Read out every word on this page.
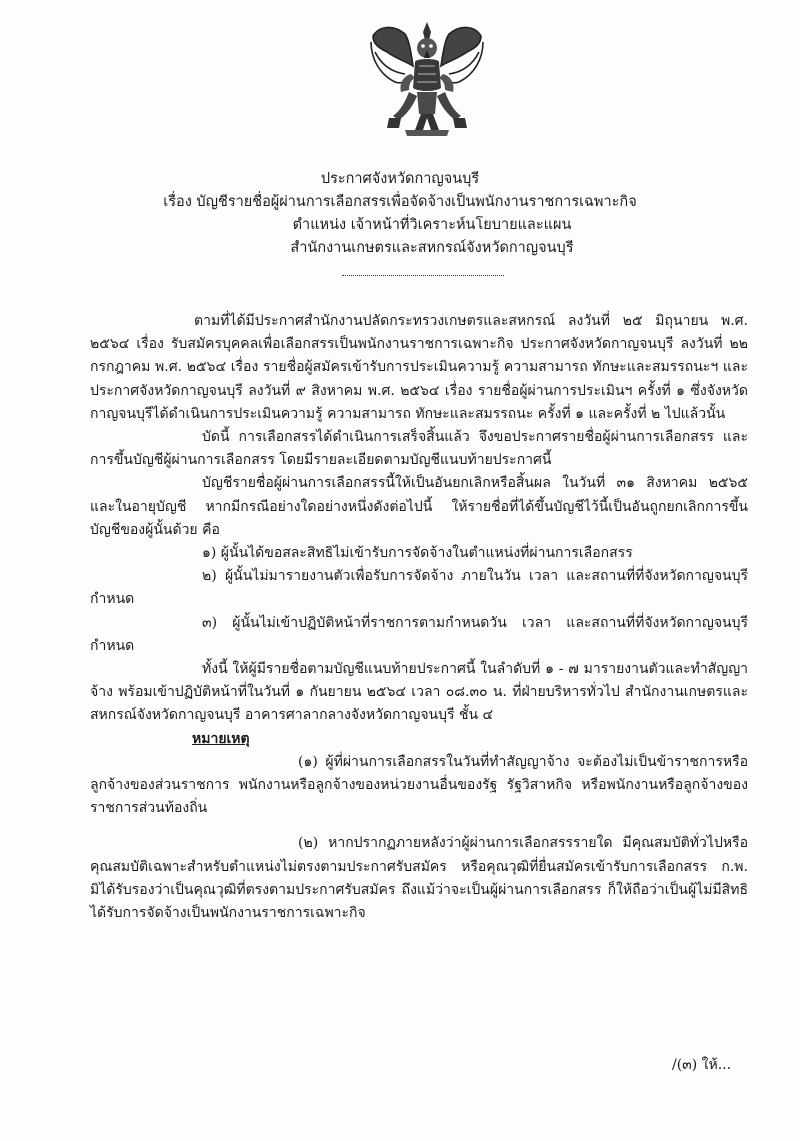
ประกาศจังหวัดกาญจนบุรี
เรื่อง บัญชีรายชื่อผู้ผ่านการเลือกสรรเพื่อจัดจ้างเป็นพนักงานราชการเฉพาะกิจ
ตำแหน่ง เจ้าหน้าที่วิเคราะห์นโยบายและแผน
สำนักงานเกษตรและสหกรณ์จังหวัดกาญจนบุรี

ตามที่ได้มีประกาศสำนักงานปลัดกระทรวงเกษตรและสหกรณ์ ลงวันที่ ๒๕ มิถุนายน พ.ศ. ๒๕๖๔ เรื่อง รับสมัครบุคคลเพื่อเลือกสรรเป็นพนักงานราชการเฉพาะกิจ ประกาศจังหวัดกาญจนบุรี ลงวันที่ ๒๒ กรกฎาคม พ.ศ. ๒๕๖๔ เรื่อง รายชื่อผู้สมัครเข้ารับการประเมินความรู้ ความสามารถ ทักษะและสมรรถนะฯ และประกาศจังหวัดกาญจนบุรี ลงวันที่ ๙ สิงหาคม พ.ศ. ๒๕๖๔ เรื่อง รายชื่อผู้ผ่านการประเมินฯ ครั้งที่ ๑ ซึ่งจังหวัดกาญจนบุรีได้ดำเนินการประเมินความรู้ ความสามารถ ทักษะและสมรรถนะ ครั้งที่ ๑ และครั้งที่ ๒ ไปแล้วนั้น

บัดนี้ การเลือกสรรได้ดำเนินการเสร็จสิ้นแล้ว จึงขอประกาศรายชื่อผู้ผ่านการเลือกสรร และการขึ้นบัญชีผู้ผ่านการเลือกสรร โดยมีรายละเอียดตามบัญชีแนบท้ายประกาศนี้

บัญชีรายชื่อผู้ผ่านการเลือกสรรนี้ให้เป็นอันยกเลิกหรือสิ้นผล ในวันที่ ๓๑ สิงหาคม ๒๕๖๕ และในอายุบัญชี หากมีกรณีอย่างใดอย่างหนึ่งดังต่อไปนี้ ให้รายชื่อที่ได้ขึ้นบัญชีไว้นี้เป็นอันถูกยกเลิกการขึ้นบัญชีของผู้นั้นด้วย คือ

๑) ผู้นั้นได้ขอสละสิทธิไม่เข้ารับการจัดจ้างในตำแหน่งที่ผ่านการเลือกสรร

๒) ผู้นั้นไม่มารายงานตัวเพื่อรับการจัดจ้าง ภายในวัน เวลา และสถานที่ที่จังหวัดกาญจนบุรีกำหนด

๓) ผู้นั้นไม่เข้าปฏิบัติหน้าที่ราชการตามกำหนดวัน เวลา และสถานที่ที่จังหวัดกาญจนบุรีกำหนด

ทั้งนี้ ให้ผู้มีรายชื่อตามบัญชีแนบท้ายประกาศนี้ ในลำดับที่ ๑ - ๗ มารายงานตัวและทำสัญญาจ้าง พร้อมเข้าปฏิบัติหน้าที่ในวันที่ ๑ กันยายน ๒๕๖๔ เวลา ๐๘.๓๐ น. ที่ฝ่ายบริหารทั่วไป สำนักงานเกษตรและสหกรณ์จังหวัดกาญจนบุรี อาคารศาลากลางจังหวัดกาญจนบุรี ชั้น ๔

หมายเหตุ

(๑) ผู้ที่ผ่านการเลือกสรรในวันที่ทำสัญญาจ้าง จะต้องไม่เป็นข้าราชการหรือลูกจ้างของส่วนราชการ พนักงานหรือลูกจ้างของหน่วยงานอื่นของรัฐ รัฐวิสาหกิจ หรือพนักงานหรือลูกจ้างของราชการส่วนท้องถิ่น

(๒) หากปรากฏภายหลังว่าผู้ผ่านการเลือกสรรรายใด มีคุณสมบัติทั่วไปหรือคุณสมบัติเฉพาะสำหรับตำแหน่งไม่ตรงตามประกาศรับสมัคร หรือคุณวุฒิที่ยื่นสมัครเข้ารับการเลือกสรร ก.พ. มิได้รับรองว่าเป็นคุณวุฒิที่ตรงตามประกาศรับสมัคร ถึงแม้ว่าจะเป็นผู้ผ่านการเลือกสรร ก็ให้ถือว่าเป็นผู้ไม่มีสิทธิได้รับการจัดจ้างเป็นพนักงานราชการเฉพาะกิจ

/(๓) ให้...
